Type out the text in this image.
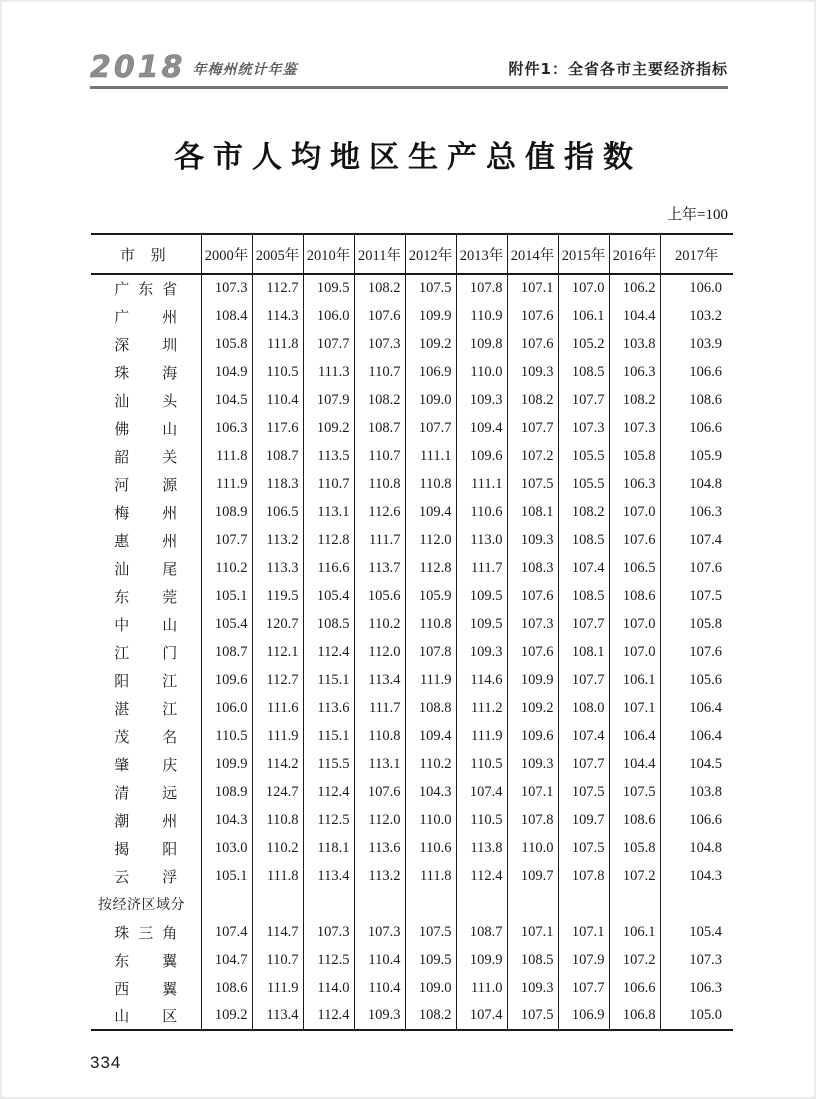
2018 年梅州统计年鉴	附件1：全省各市主要经济指标
各市人均地区生产总值指数
上年=100
市 别	2000年	2005年	2010年	2011年	2012年	2013年	2014年	2015年	2016年	2017年
广东省	107.3	112.7	109.5	108.2	107.5	107.8	107.1	107.0	106.2	106.0
广州	108.4	114.3	106.0	107.6	109.9	110.9	107.6	106.1	104.4	103.2
深圳	105.8	111.8	107.7	107.3	109.2	109.8	107.6	105.2	103.8	103.9
珠海	104.9	110.5	111.3	110.7	106.9	110.0	109.3	108.5	106.3	106.6
汕头	104.5	110.4	107.9	108.2	109.0	109.3	108.2	107.7	108.2	108.6
佛山	106.3	117.6	109.2	108.7	107.7	109.4	107.7	107.3	107.3	106.6
韶关	111.8	108.7	113.5	110.7	111.1	109.6	107.2	105.5	105.8	105.9
河源	111.9	118.3	110.7	110.8	110.8	111.1	107.5	105.5	106.3	104.8
梅州	108.9	106.5	113.1	112.6	109.4	110.6	108.1	108.2	107.0	106.3
惠州	107.7	113.2	112.8	111.7	112.0	113.0	109.3	108.5	107.6	107.4
汕尾	110.2	113.3	116.6	113.7	112.8	111.7	108.3	107.4	106.5	107.6
东莞	105.1	119.5	105.4	105.6	105.9	109.5	107.6	108.5	108.6	107.5
中山	105.4	120.7	108.5	110.2	110.8	109.5	107.3	107.7	107.0	105.8
江门	108.7	112.1	112.4	112.0	107.8	109.3	107.6	108.1	107.0	107.6
阳江	109.6	112.7	115.1	113.4	111.9	114.6	109.9	107.7	106.1	105.6
湛江	106.0	111.6	113.6	111.7	108.8	111.2	109.2	108.0	107.1	106.4
茂名	110.5	111.9	115.1	110.8	109.4	111.9	109.6	107.4	106.4	106.4
肇庆	109.9	114.2	115.5	113.1	110.2	110.5	109.3	107.7	104.4	104.5
清远	108.9	124.7	112.4	107.6	104.3	107.4	107.1	107.5	107.5	103.8
潮州	104.3	110.8	112.5	112.0	110.0	110.5	107.8	109.7	108.6	106.6
揭阳	103.0	110.2	118.1	113.6	110.6	113.8	110.0	107.5	105.8	104.8
云浮	105.1	111.8	113.4	113.2	111.8	112.4	109.7	107.8	107.2	104.3
按经济区域分										
珠三角	107.4	114.7	107.3	107.3	107.5	108.7	107.1	107.1	106.1	105.4
东翼	104.7	110.7	112.5	110.4	109.5	109.9	108.5	107.9	107.2	107.3
西翼	108.6	111.9	114.0	110.4	109.0	111.0	109.3	107.7	106.6	106.3
山区	109.2	113.4	112.4	109.3	108.2	107.4	107.5	106.9	106.8	105.0
334
